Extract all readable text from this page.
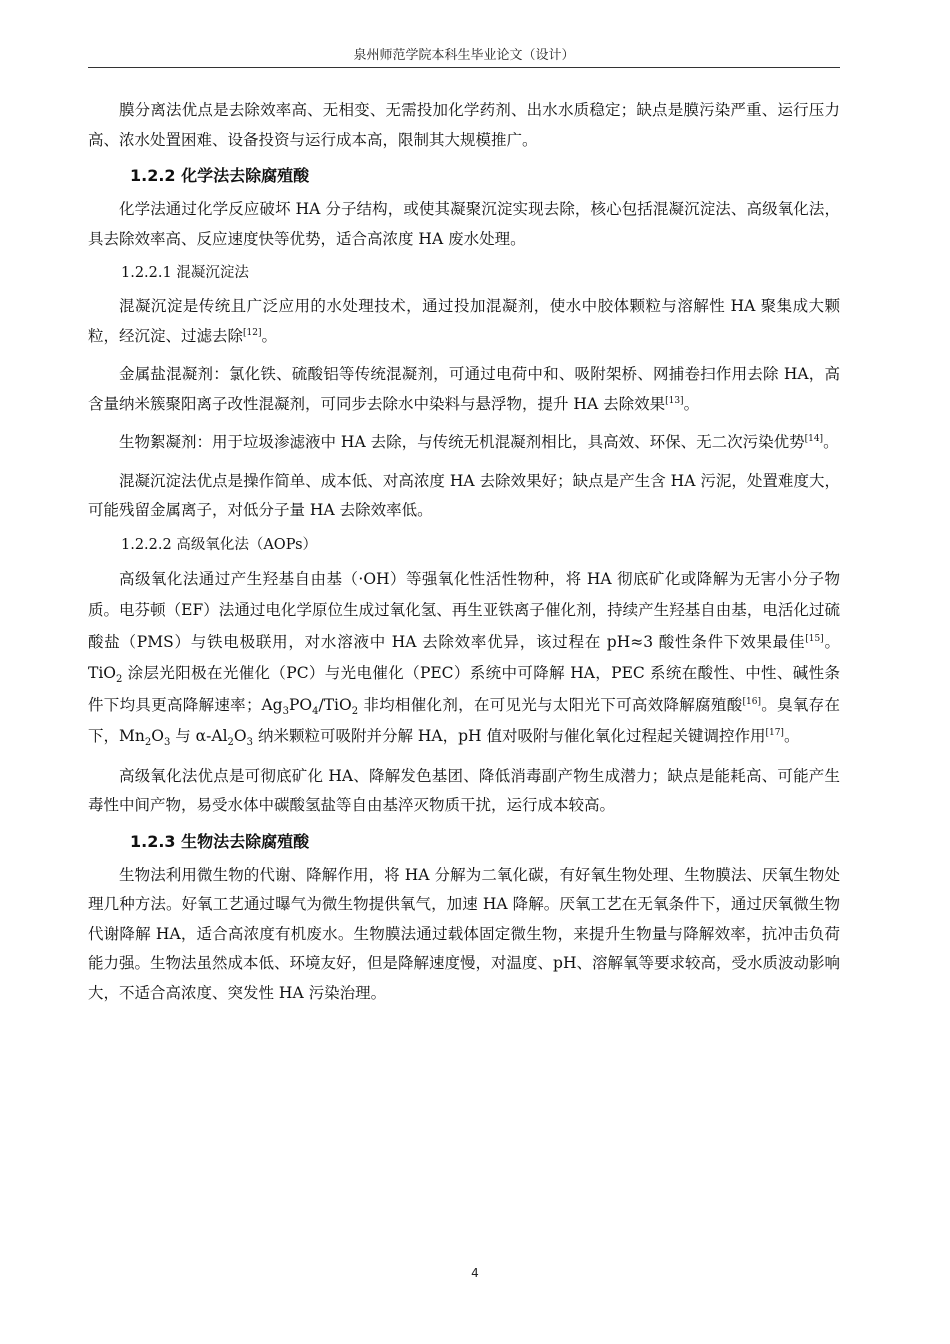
泉州师范学院本科生毕业论文（设计）

膜分离法优点是去除效率高、无相变、无需投加化学药剂、出水水质稳定；缺点是膜污染严重、运行压力高、浓水处置困难、设备投资与运行成本高，限制其大规模推广。

1.2.2 化学法去除腐殖酸

化学法通过化学反应破坏 HA 分子结构，或使其凝聚沉淀实现去除，核心包括混凝沉淀法、高级氧化法，具去除效率高、反应速度快等优势，适合高浓度 HA 废水处理。

1.2.2.1 混凝沉淀法

混凝沉淀是传统且广泛应用的水处理技术，通过投加混凝剂，使水中胶体颗粒与溶解性 HA 聚集成大颗粒，经沉淀、过滤去除[12]。

金属盐混凝剂：氯化铁、硫酸铝等传统混凝剂，可通过电荷中和、吸附架桥、网捕卷扫作用去除 HA，高含量纳米簇聚阳离子改性混凝剂，可同步去除水中染料与悬浮物，提升 HA 去除效果[13]。

生物絮凝剂：用于垃圾渗滤液中 HA 去除，与传统无机混凝剂相比，具高效、环保、无二次污染优势[14]。

混凝沉淀法优点是操作简单、成本低、对高浓度 HA 去除效果好；缺点是产生含 HA 污泥，处置难度大，可能残留金属离子，对低分子量 HA 去除效率低。

1.2.2.2 高级氧化法（AOPs）

高级氧化法通过产生羟基自由基（·OH）等强氧化性活性物种，将 HA 彻底矿化或降解为无害小分子物质。电芬顿（EF）法通过电化学原位生成过氧化氢、再生亚铁离子催化剂，持续产生羟基自由基，电活化过硫酸盐（PMS）与铁电极联用，对水溶液中 HA 去除效率优异，该过程在 pH≈3 酸性条件下效果最佳[15]。TiO$_2$ 涂层光阳极在光催化（PC）与光电催化（PEC）系统中可降解 HA，PEC 系统在酸性、中性、碱性条件下均具更高降解速率；$Ag_3PO_4/TiO_2$ 非均相催化剂，在可见光与太阳光下可高效降解腐殖酸[16]。臭氧存在下，$Mn_2O_3$ 与 $\alpha-Al_2O_3$ 纳米颗粒可吸附并分解 HA，pH 值对吸附与催化氧化过程起关键调控作用[17]。

高级氧化法优点是可彻底矿化 HA、降解发色基团、降低消毒副产物生成潜力；缺点是能耗高、可能产生毒性中间产物，易受水体中碳酸氢盐等自由基淬灭物质干扰，运行成本较高。

1.2.3 生物法去除腐殖酸

生物法利用微生物的代谢、降解作用，将 HA 分解为二氧化碳，有好氧生物处理、生物膜法、厌氧生物处理几种方法。好氧工艺通过曝气为微生物提供氧气，加速 HA 降解。厌氧工艺在无氧条件下，通过厌氧微生物代谢降解 HA，适合高浓度有机废水。生物膜法通过载体固定微生物，来提升生物量与降解效率，抗冲击负荷能力强。生物法虽然成本低、环境友好，但是降解速度慢，对温度、pH、溶解氧等要求较高，受水质波动影响大，不适合高浓度、突发性 HA 污染治理。

4
